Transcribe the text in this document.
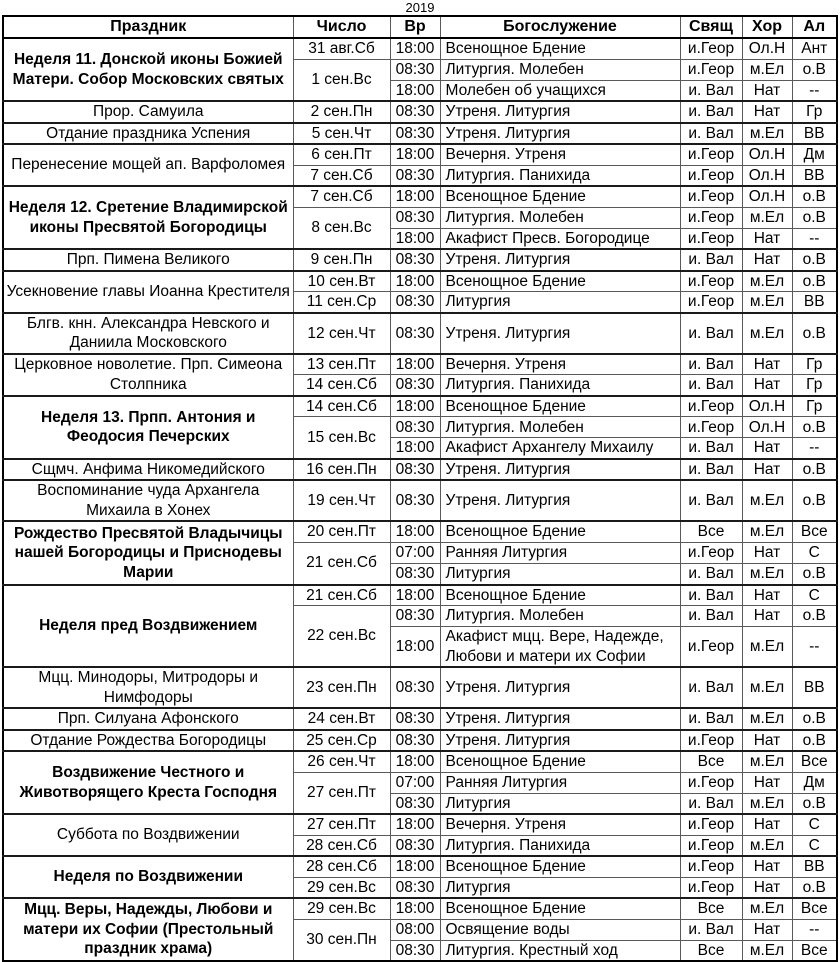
2019
Праздник	Число	Вр	Богослужение	Свящ	Хор	Ал
Неделя 11. Донской иконы Божией Матери. Собор Московских святых	31 авг.Сб	18:00	Всенощное Бдение	и.Геор	Ол.Н	Ант
	1 сен.Вс	08:30	Литургия. Молебен	и.Геор	м.Ел	о.В
		18:00	Молебен об учащихся	и. Вал	Нат	--
Прор. Самуила	2 сен.Пн	08:30	Утреня. Литургия	и. Вал	Нат	Гр
Отдание праздника Успения	5 сен.Чт	08:30	Утреня. Литургия	и. Вал	м.Ел	ВВ
Перенесение мощей ап. Варфоломея	6 сен.Пт	18:00	Вечерня. Утреня	и.Геор	Ол.Н	Дм
	7 сен.Сб	08:30	Литургия. Панихида	и.Геор	Ол.Н	ВВ
Неделя 12. Сретение Владимирской иконы Пресвятой Богородицы	7 сен.Сб	18:00	Всенощное Бдение	и.Геор	Ол.Н	о.В
	8 сен.Вс	08:30	Литургия. Молебен	и.Геор	м.Ел	о.В
		18:00	Акафист Пресв. Богородице	и.Геор	Нат	--
Прп. Пимена Великого	9 сен.Пн	08:30	Утреня. Литургия	и. Вал	Нат	о.В
Усекновение главы Иоанна Крестителя	10 сен.Вт	18:00	Всенощное Бдение	и.Геор	м.Ел	о.В
	11 сен.Ср	08:30	Литургия	и.Геор	м.Ел	ВВ
Блгв. кнн. Александра Невского и Даниила Московского	12 сен.Чт	08:30	Утреня. Литургия	и. Вал	м.Ел	о.В
Церковное новолетие. Прп. Симеона Столпника	13 сен.Пт	18:00	Вечерня. Утреня	и. Вал	Нат	Гр
	14 сен.Сб	08:30	Литургия. Панихида	и. Вал	Нат	Гр
Неделя 13. Прпп. Антония и Феодосия Печерских	14 сен.Сб	18:00	Всенощное Бдение	и.Геор	Ол.Н	Гр
	15 сен.Вс	08:30	Литургия. Молебен	и.Геор	Ол.Н	о.В
		18:00	Акафист Архангелу Михаилу	и. Вал	Нат	--
Сщмч. Анфима Никомедийского	16 сен.Пн	08:30	Утреня. Литургия	и. Вал	Нат	о.В
Воспоминание чуда Архангела Михаила в Хонех	19 сен.Чт	08:30	Утреня. Литургия	и. Вал	м.Ел	о.В
Рождество Пресвятой Владычицы нашей Богородицы и Приснодевы Марии	20 сен.Пт	18:00	Всенощное Бдение	Все	м.Ел	Все
	21 сен.Сб	07:00	Ранняя Литургия	и.Геор	Нат	С
		08:30	Литургия	и. Вал	м.Ел	о.В
Неделя пред Воздвижением	21 сен.Сб	18:00	Всенощное Бдение	и. Вал	Нат	С
	22 сен.Вс	08:30	Литургия. Молебен	и. Вал	Нат	о.В
		18:00	Акафист мцц. Вере, Надежде, Любови и матери их Софии	и.Геор	м.Ел	--
Мцц. Минодоры, Митродоры и Нимфодоры	23 сен.Пн	08:30	Утреня. Литургия	и. Вал	м.Ел	ВВ
Прп. Силуана Афонского	24 сен.Вт	08:30	Утреня. Литургия	и. Вал	м.Ел	о.В
Отдание Рождества Богородицы	25 сен.Ср	08:30	Утреня. Литургия	и.Геор	Нат	о.В
Воздвижение Честного и Животворящего Креста Господня	26 сен.Чт	18:00	Всенощное Бдение	Все	м.Ел	Все
	27 сен.Пт	07:00	Ранняя Литургия	и.Геор	Нат	Дм
		08:30	Литургия	и. Вал	м.Ел	о.В
Суббота по Воздвижении	27 сен.Пт	18:00	Вечерня. Утреня	и.Геор	Нат	С
	28 сен.Сб	08:30	Литургия. Панихида	и.Геор	м.Ел	С
Неделя по Воздвижении	28 сен.Сб	18:00	Всенощное Бдение	и.Геор	Нат	ВВ
	29 сен.Вс	08:30	Литургия	и.Геор	Нат	о.В
Мцц. Веры, Надежды, Любови и матери их Софии (Престольный праздник храма)	29 сен.Вс	18:00	Всенощное Бдение	Все	м.Ел	Все
	30 сен.Пн	08:00	Освящение воды	и. Вал	Нат	--
		08:30	Литургия. Крестный ход	Все	м.Ел	Все
